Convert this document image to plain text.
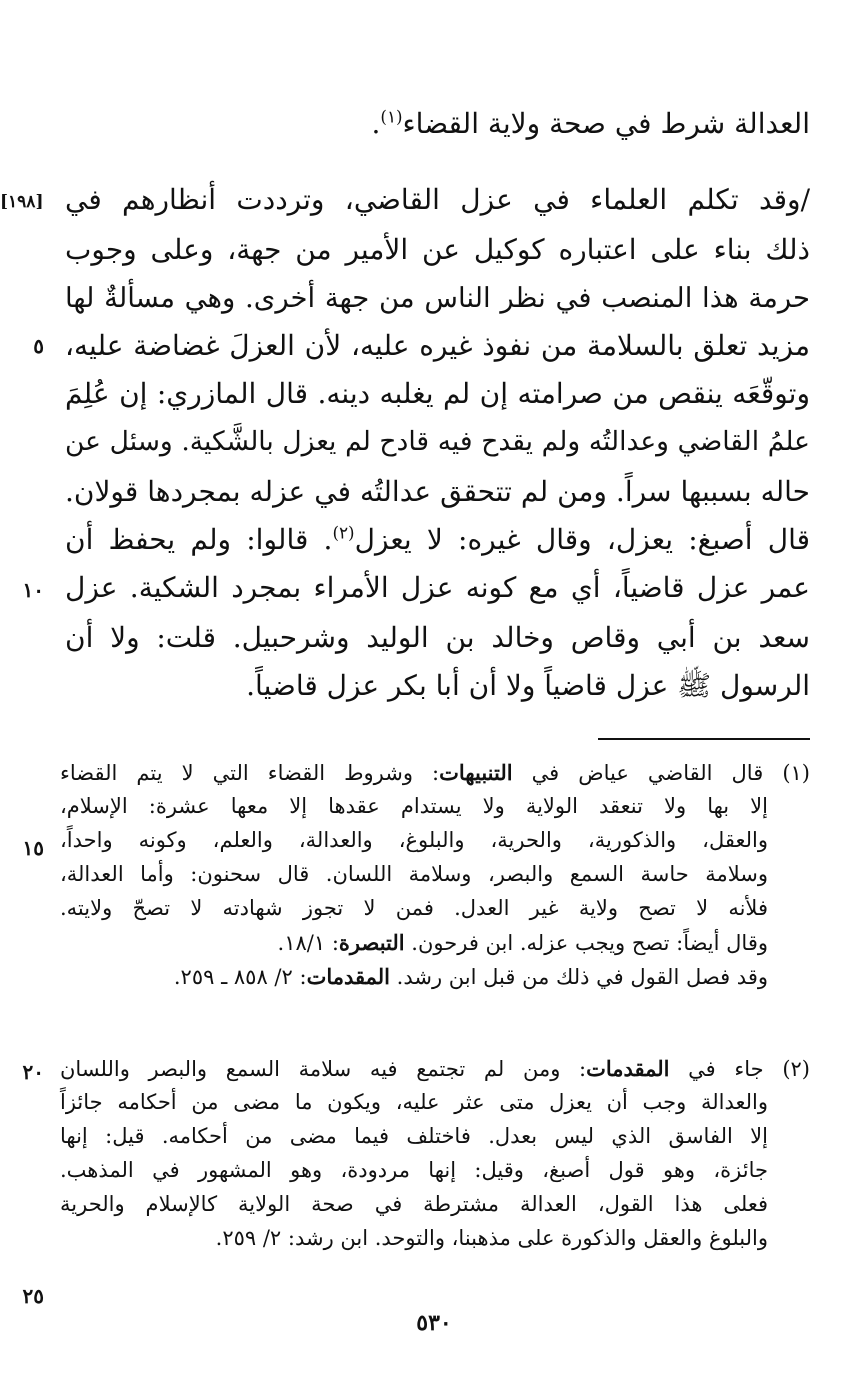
[١٩٨]
العدالة شرط في صحة ولاية القضاء$^{(١)}$.
/وقد تكلم العلماء في عزل القاضي، وترددت أنظارهم في
ذلك بناء على اعتباره كوكيل عن الأمير من جهة، وعلى وجوب
حرمة هذا المنصب في نظر الناس من جهة أخرى. وهي مسألةٌ لها
مزيد تعلق بالسلامة من نفوذ غيره عليه، لأن العزلَ غضاضة عليه،
وتوقّعَه ينقص من صرامته إن لم يغلبه دينه. قال المازري: إن عُلِمَ
علمُ القاضي وعدالتُه ولم يقدح فيه قادح لم يعزل بالشَّكية. وسئل عن
حاله بسببها سراً. ومن لم تتحقق عدالتُه في عزله بمجردها قولان.
قال أصبغ: يعزل، وقال غيره: لا يعزل$^{(٢)}$. قالوا: ولم يحفظ أن
عمر عزل قاضياً، أي مع كونه عزل الأمراء بمجرد الشكية. عزل
سعد بن أبي وقاص وخالد بن الوليد وشرحبيل. قلت: ولا أن
الرسول ﷺ عزل قاضياً ولا أن أبا بكر عزل قاضياً.
٥
١٠
١٥
٢٠
٢٥
(١) قال القاضي عياض في التنبيهات: وشروط القضاء التي لا يتم القضاء
إلا بها ولا تنعقد الولاية ولا يستدام عقدها إلا معها عشرة: الإسلام،
والعقل، والذكورية، والحرية، والبلوغ، والعدالة، والعلم، وكونه واحداً،
وسلامة حاسة السمع والبصر، وسلامة اللسان. قال سحنون: وأما العدالة،
فلأنه لا تصح ولاية غير العدل. فمن لا تجوز شهادته لا تصحّ ولايته.
وقال أيضاً: تصح ويجب عزله. ابن فرحون. التبصرة: ١٨/١.
وقد فصل القول في ذلك من قبل ابن رشد. المقدمات: ٢/ ٨٥٨ ـ ٢٥٩.
(٢) جاء في المقدمات: ومن لم تجتمع فيه سلامة السمع والبصر واللسان
والعدالة وجب أن يعزل متى عثر عليه، ويكون ما مضى من أحكامه جائزاً
إلا الفاسق الذي ليس بعدل. فاختلف فيما مضى من أحكامه. قيل: إنها
جائزة، وهو قول أصبغ، وقيل: إنها مردودة، وهو المشهور في المذهب.
فعلى هذا القول، العدالة مشترطة في صحة الولاية كالإسلام والحرية
والبلوغ والعقل والذكورة على مذهبنا، والتوحد. ابن رشد: ٢/ ٢٥٩.
٥٣٠
